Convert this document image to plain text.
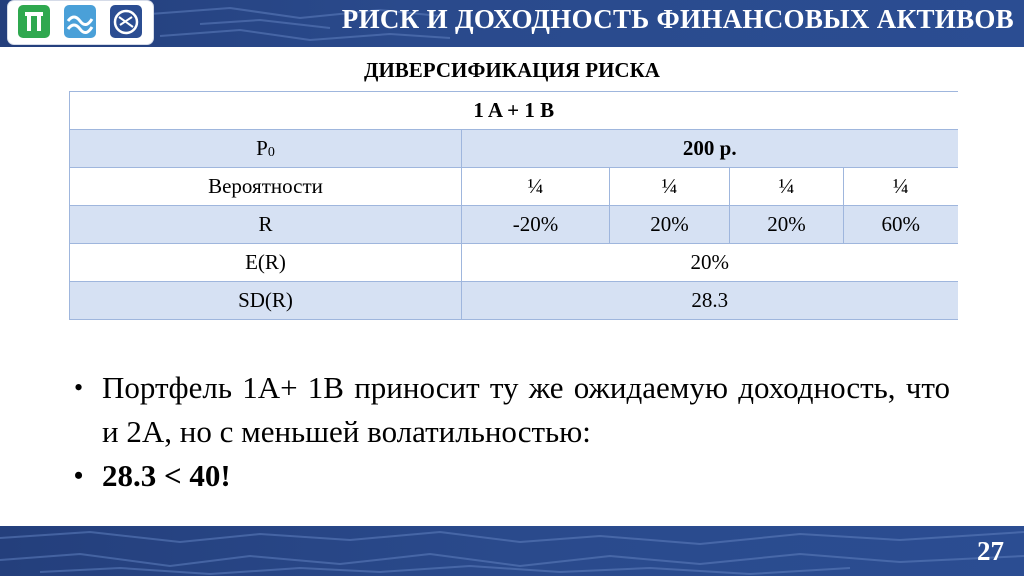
РИСК И ДОХОДНОСТЬ ФИНАНСОВЫХ АКТИВОВ
ДИВЕРСИФИКАЦИЯ РИСКА
1 A + 1 B				
$P_0$	200 р.			
Вероятности	¼	¼	¼	¼
R	-20%	20%	20%	60%
E(R)	20%			
SD(R)	28.3			
• Портфель 1A+ 1B приносит ту же ожидаемую доходность, что и 2A, но с меньшей волатильностью:
• 28.3 < 40!
27
